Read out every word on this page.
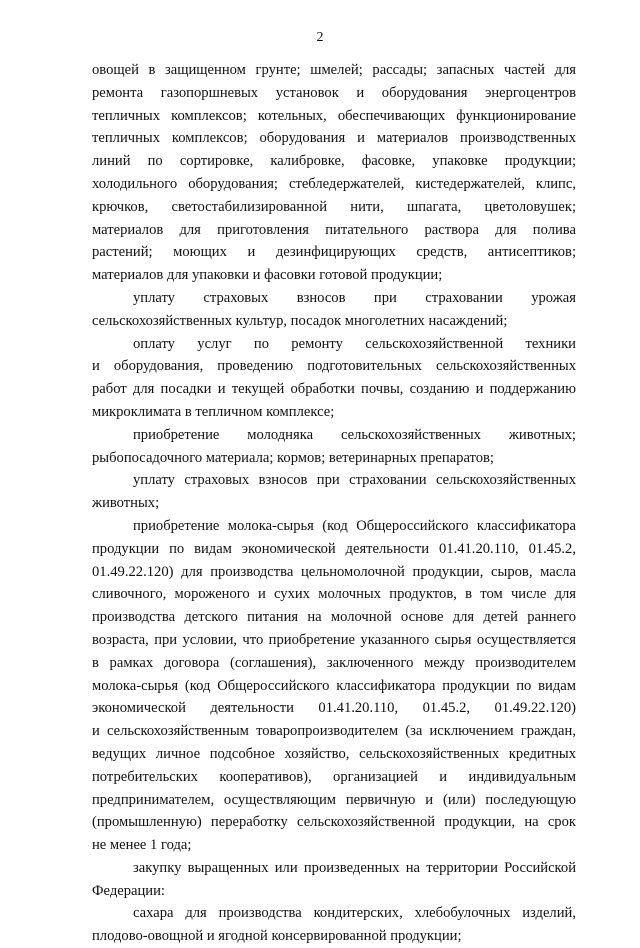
2
овощей в защищенном грунте; шмелей; рассады; запасных частей для
ремонта газопоршневых установок и оборудования энергоцентров
тепличных комплексов; котельных, обеспечивающих функционирование
тепличных комплексов; оборудования и материалов производственных
линий по сортировке, калибровке, фасовке, упаковке продукции;
холодильного оборудования; стебледержателей, кистедержателей, клипс,
крючков, светостабилизированной нити, шпагата, цветоловушек;
материалов для приготовления питательного раствора для полива
растений; моющих и дезинфицирующих средств, антисептиков;
материалов для упаковки и фасовки готовой продукции;
уплату страховых взносов при страховании урожая
сельскохозяйственных культур, посадок многолетних насаждений;
оплату услуг по ремонту сельскохозяйственной техники
и оборудования, проведению подготовительных сельскохозяйственных
работ для посадки и текущей обработки почвы, созданию и поддержанию
микроклимата в тепличном комплексе;
приобретение молодняка сельскохозяйственных животных;
рыбопосадочного материала; кормов; ветеринарных препаратов;
уплату страховых взносов при страховании сельскохозяйственных
животных;
приобретение молока-сырья (код Общероссийского классификатора
продукции по видам экономической деятельности 01.41.20.110, 01.45.2,
01.49.22.120) для производства цельномолочной продукции, сыров, масла
сливочного, мороженого и сухих молочных продуктов, в том числе для
производства детского питания на молочной основе для детей раннего
возраста, при условии, что приобретение указанного сырья осуществляется
в рамках договора (соглашения), заключенного между производителем
молока-сырья (код Общероссийского классификатора продукции по видам
экономической деятельности 01.41.20.110, 01.45.2, 01.49.22.120)
и сельскохозяйственным товаропроизводителем (за исключением граждан,
ведущих личное подсобное хозяйство, сельскохозяйственных кредитных
потребительских кооперативов), организацией и индивидуальным
предпринимателем, осуществляющим первичную и (или) последующую
(промышленную) переработку сельскохозяйственной продукции, на срок
не менее 1 года;
закупку выращенных или произведенных на территории Российской
Федерации:
сахара для производства кондитерских, хлебобулочных изделий,
плодово-овощной и ягодной консервированной продукции;
